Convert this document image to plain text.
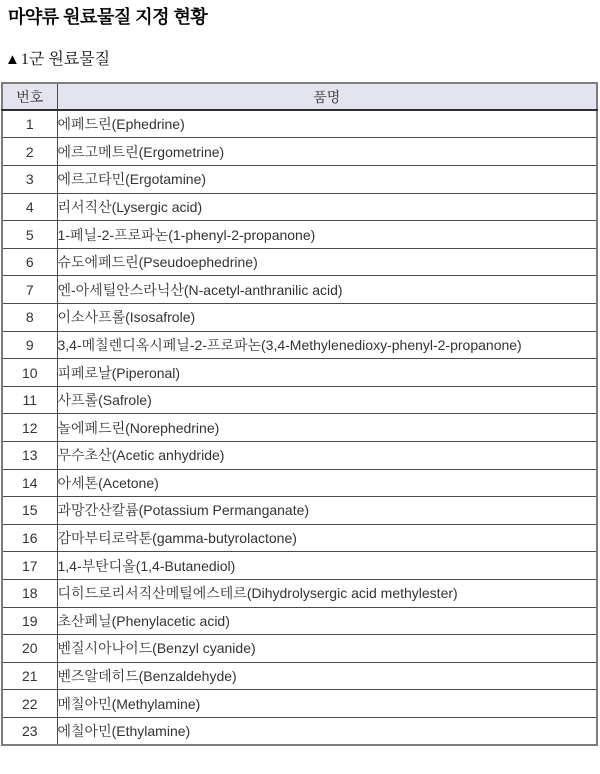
마약류 원료물질 지정 현황
▲1군 원료물질
번호	품명
1	에페드린(Ephedrine)
2	에르고메트린(Ergometrine)
3	에르고타민(Ergotamine)
4	리서직산(Lysergic acid)
5	1-페닐-2-프로파논(1-phenyl-2-propanone)
6	슈도에페드린(Pseudoephedrine)
7	엔-아세틸안스라닉산(N-acetyl-anthranilic acid)
8	이소사프롤(Isosafrole)
9	3,4-메칠렌디옥시페닐-2-프로파논(3,4-Methylenedioxy-phenyl-2-propanone)
10	피페로날(Piperonal)
11	사프롤(Safrole)
12	놀에페드린(Norephedrine)
13	무수초산(Acetic anhydride)
14	아세톤(Acetone)
15	과망간산칼륨(Potassium Permanganate)
16	감마부티로락톤(gamma-butyrolactone)
17	1,4-부탄디올(1,4-Butanediol)
18	디히드로리서직산메틸에스테르(Dihydrolysergic acid methylester)
19	초산페닐(Phenylacetic acid)
20	벤질시아나이드(Benzyl cyanide)
21	벤즈알데히드(Benzaldehyde)
22	메칠아민(Methylamine)
23	에칠아민(Ethylamine)
